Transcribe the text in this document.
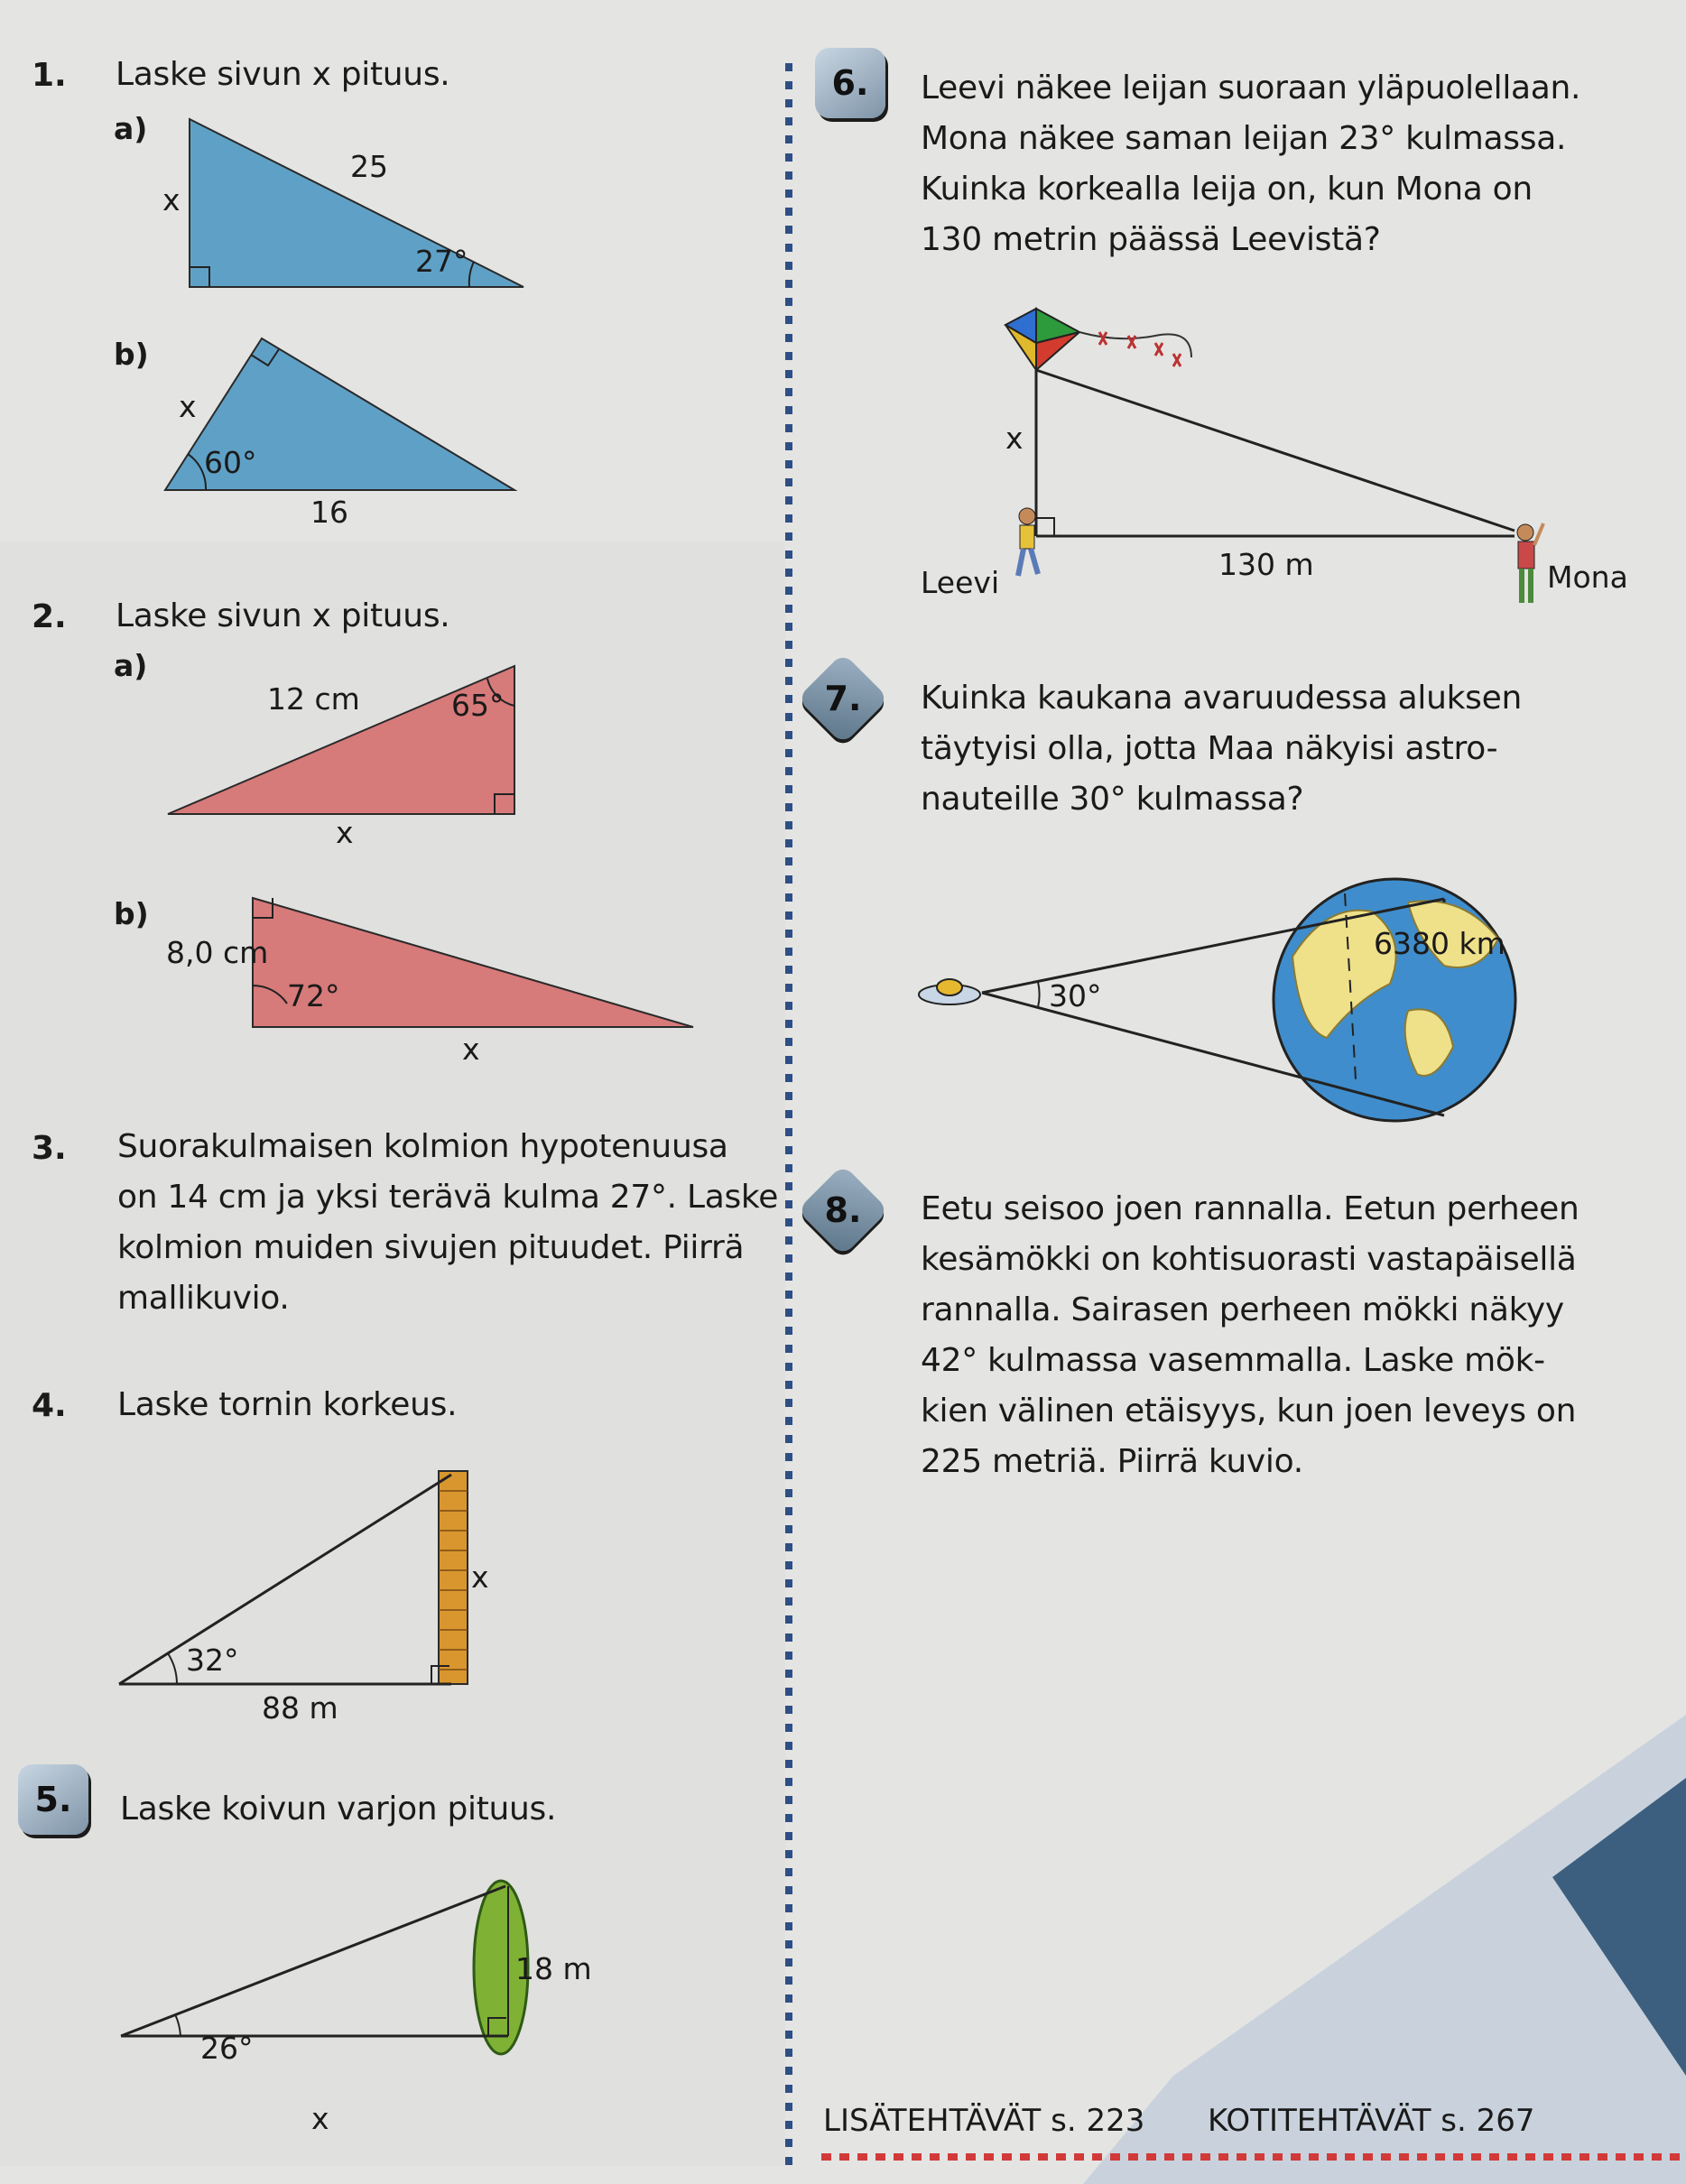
1. Laske sivun x pituus.
a)
25
x
27°
b)
x
60°
16
2. Laske sivun x pituus.
a)
12 cm	65°
x
b)
8,0 cm
72°
x
3. Suorakulmaisen kolmion hypotenuusa
on 14 cm ja yksi terävä kulma 27°. Laske
kolmion muiden sivujen pituudet. Piirrä
mallikuvio.
4. Laske tornin korkeus.
x
32°
88 m
5.	Laske koivun varjon pituus.
18 m
26°
x
6.	Leevi näkee leijan suoraan yläpuolellaan.
Mona näkee saman leijan 23° kulmassa.
Kuinka korkealla leija on, kun Mona on
130 metrin päässä Leevistä?
x
130 m
Leevi	Mona
7.	Kuinka kaukana avaruudessa aluksen
täytyisi olla, jotta Maa näkyisi astro-
nauteille 30° kulmassa?
6380 km
30°
8.	Eetu seisoo joen rannalla. Eetun perheen
kesämökki on kohtisuorasti vastapäisellä
rannalla. Sairasen perheen mökki näkyy
42° kulmassa vasemmalla. Laske mök-
kien välinen etäisyys, kun joen leveys on
225 metriä. Piirrä kuvio.
LISÄTEHTÄVÄT s. 223 KOTITEHTÄVÄT s. 267
